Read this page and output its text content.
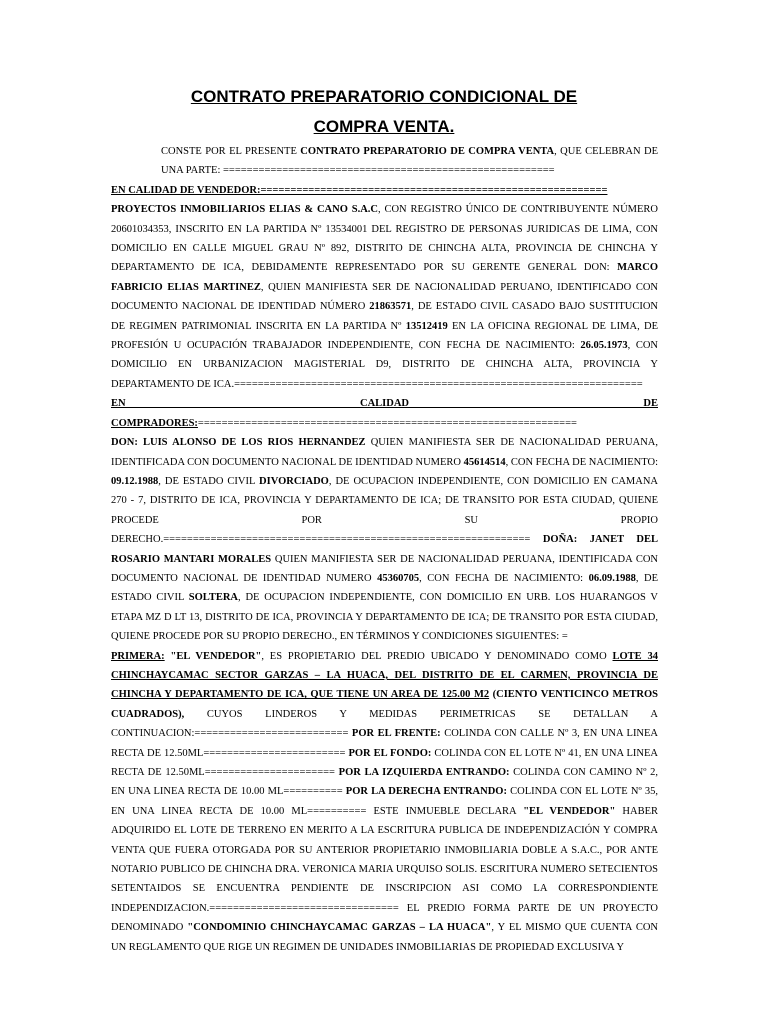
CONTRATO PREPARATORIO CONDICIONAL DE
COMPRA VENTA.

CONSTE POR EL PRESENTE CONTRATO PREPARATORIO DE COMPRA VENTA, QUE CELEBRAN DE UNA PARTE: ========================================================

EN CALIDAD DE VENDEDOR:==========================================================

PROYECTOS INMOBILIARIOS ELIAS & CANO S.A.C, CON REGISTRO ÚNICO DE CONTRIBUYENTE NÚMERO 20601034353, INSCRITO EN LA PARTIDA Nº 13534001 DEL REGISTRO DE PERSONAS JURIDICAS DE LIMA, CON DOMICILIO EN CALLE MIGUEL GRAU Nº 892, DISTRITO DE CHINCHA ALTA, PROVINCIA DE CHINCHA Y DEPARTAMENTO DE ICA, DEBIDAMENTE REPRESENTADO POR SU GERENTE GENERAL DON: MARCO FABRICIO ELIAS MARTINEZ, QUIEN MANIFIESTA SER DE NACIONALIDAD PERUANO, IDENTIFICADO CON DOCUMENTO NACIONAL DE IDENTIDAD NÚMERO 21863571, DE ESTADO CIVIL CASADO BAJO SUSTITUCION DE REGIMEN PATRIMONIAL INSCRITA EN LA PARTIDA Nº 13512419 EN LA OFICINA REGIONAL DE LIMA, DE PROFESIÓN U OCUPACIÓN TRABAJADOR INDEPENDIENTE, CON FECHA DE NACIMIENTO: 26.05.1973, CON DOMICILIO EN URBANIZACION MAGISTERIAL D9, DISTRITO DE CHINCHA ALTA, PROVINCIA Y DEPARTAMENTO DE ICA.=====================================================================

EN CALIDAD DE COMPRADORES:================================================================

DON: LUIS ALONSO DE LOS RIOS HERNANDEZ QUIEN MANIFIESTA SER DE NACIONALIDAD PERUANA, IDENTIFICADA CON DOCUMENTO NACIONAL DE IDENTIDAD NUMERO 45614514, CON FECHA DE NACIMIENTO: 09.12.1988, DE ESTADO CIVIL DIVORCIADO, DE OCUPACION INDEPENDIENTE, CON DOMICILIO EN CAMANA 270 - 7, DISTRITO DE ICA, PROVINCIA Y DEPARTAMENTO DE ICA; DE TRANSITO POR ESTA CIUDAD, QUIENE PROCEDE POR SU PROPIO DERECHO.============================================================== DOÑA: JANET DEL ROSARIO MANTARI MORALES QUIEN MANIFIESTA SER DE NACIONALIDAD PERUANA, IDENTIFICADA CON DOCUMENTO NACIONAL DE IDENTIDAD NUMERO 45360705, CON FECHA DE NACIMIENTO: 06.09.1988, DE ESTADO CIVIL SOLTERA, DE OCUPACION INDEPENDIENTE, CON DOMICILIO EN URB. LOS HUARANGOS V ETAPA MZ D LT 13, DISTRITO DE ICA, PROVINCIA Y DEPARTAMENTO DE ICA; DE TRANSITO POR ESTA CIUDAD, QUIENE PROCEDE POR SU PROPIO DERECHO., EN TÉRMINOS Y CONDICIONES SIGUIENTES: =

PRIMERA: "EL VENDEDOR", ES PROPIETARIO DEL PREDIO UBICADO Y DENOMINADO COMO LOTE 34 CHINCHAYCAMAC SECTOR GARZAS – LA HUACA, DEL DISTRITO DE EL CARMEN, PROVINCIA DE CHINCHA Y DEPARTAMENTO DE ICA, QUE TIENE UN AREA DE 125.00 M2 (CIENTO VENTICINCO METROS CUADRADOS), CUYOS LINDEROS Y MEDIDAS PERIMETRICAS SE DETALLAN A CONTINUACION:========================== POR EL FRENTE: COLINDA CON CALLE Nº 3, EN UNA LINEA RECTA DE 12.50ML======================== POR EL FONDO: COLINDA CON EL LOTE Nº 41, EN UNA LINEA RECTA DE 12.50ML====================== POR LA IZQUIERDA ENTRANDO: COLINDA CON CAMINO Nº 2, EN UNA LINEA RECTA DE 10.00 ML========== POR LA DERECHA ENTRANDO: COLINDA CON EL LOTE Nº 35, EN UNA LINEA RECTA DE 10.00 ML========== ESTE INMUEBLE DECLARA "EL VENDEDOR" HABER ADQUIRIDO EL LOTE DE TERRENO EN MERITO A LA ESCRITURA PUBLICA DE INDEPENDIZACIÓN Y COMPRA VENTA QUE FUERA OTORGADA POR SU ANTERIOR PROPIETARIO INMOBILIARIA DOBLE A S.A.C., POR ANTE NOTARIO PUBLICO DE CHINCHA DRA. VERONICA MARIA URQUISO SOLIS. ESCRITURA NUMERO SETECIENTOS SETENTAIDOS SE ENCUENTRA PENDIENTE DE INSCRIPCION ASI COMO LA CORRESPONDIENTE INDEPENDIZACION.================================ EL PREDIO FORMA PARTE DE UN PROYECTO DENOMINADO "CONDOMINIO CHINCHAYCAMAC GARZAS – LA HUACA", Y EL MISMO QUE CUENTA CON UN REGLAMENTO QUE RIGE UN REGIMEN DE UNIDADES INMOBILIARIAS DE PROPIEDAD EXCLUSIVA Y
